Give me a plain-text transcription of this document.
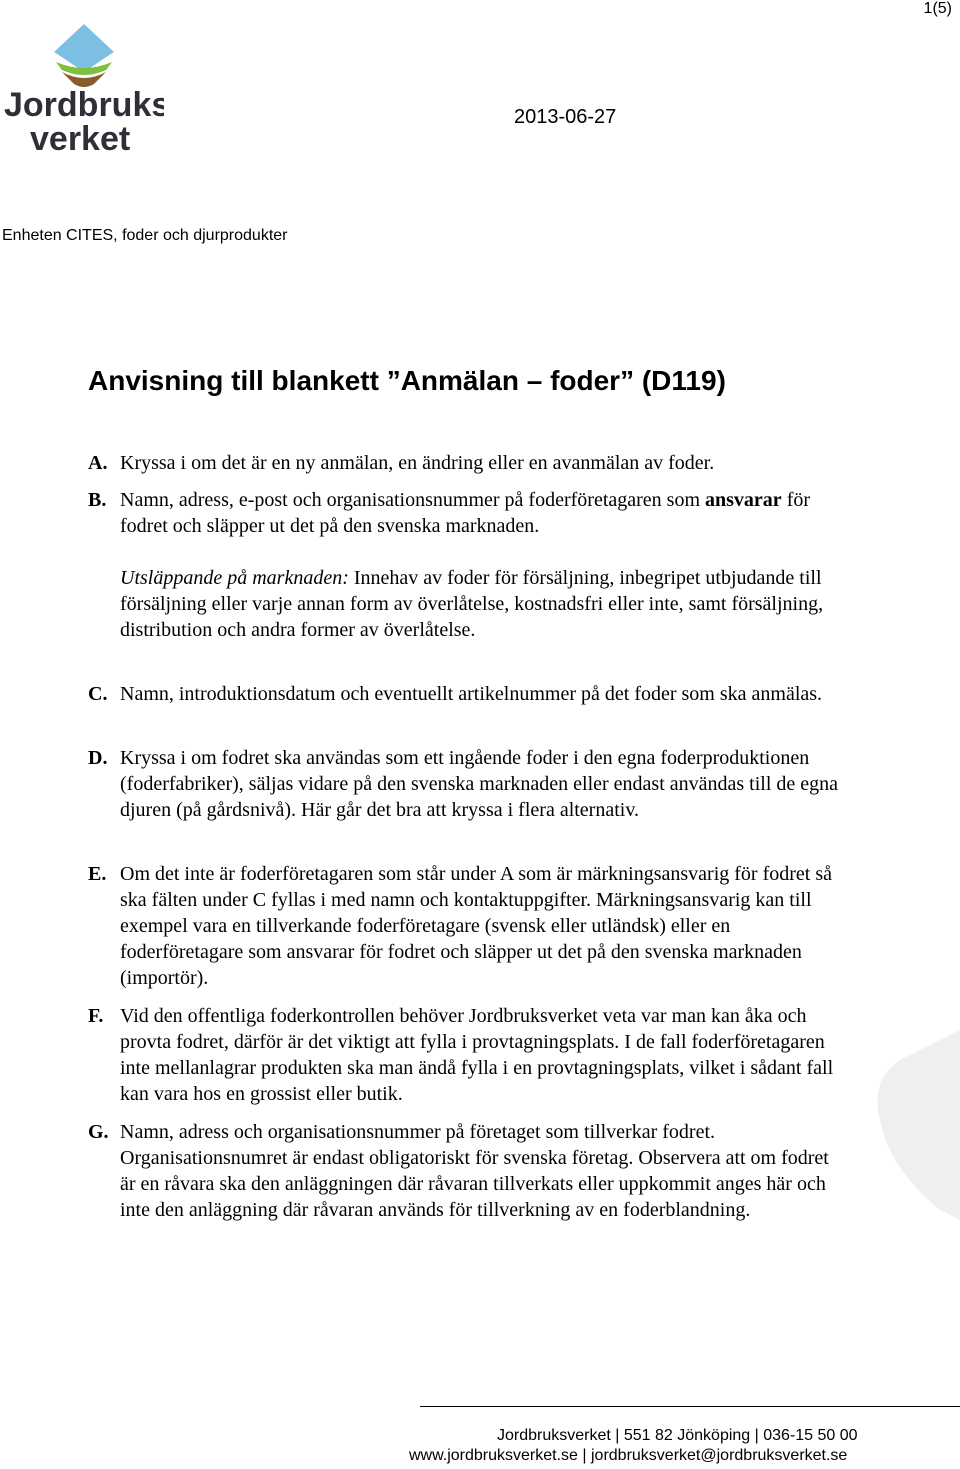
1(5)
Jordbruks
verket
2013-06-27
Enheten CITES, foder och djurprodukter
Anvisning till blankett ”Anmälan – foder” (D119)
A. Kryssa i om det är en ny anmälan, en ändring eller en avanmälan av foder.
B. Namn, adress, e-post och organisationsnummer på foderföretagaren som ansvarar för fodret och släpper ut det på den svenska marknaden.
Utsläppande på marknaden: Innehav av foder för försäljning, inbegripet utbjudande till försäljning eller varje annan form av överlåtelse, kostnadsfri eller inte, samt försäljning, distribution och andra former av överlåtelse.
C. Namn, introduktionsdatum och eventuellt artikelnummer på det foder som ska anmälas.
D. Kryssa i om fodret ska användas som ett ingående foder i den egna foderproduktionen (foderfabriker), säljas vidare på den svenska marknaden eller endast användas till de egna djuren (på gårdsnivå). Här går det bra att kryssa i flera alternativ.
E. Om det inte är foderföretagaren som står under A som är märkningsansvarig för fodret så ska fälten under C fyllas i med namn och kontaktuppgifter. Märkningsansvarig kan till exempel vara en tillverkande foderföretagare (svensk eller utländsk) eller en foderföretagare som ansvarar för fodret och släpper ut det på den svenska marknaden (importör).
F. Vid den offentliga foderkontrollen behöver Jordbruksverket veta var man kan åka och provta fodret, därför är det viktigt att fylla i provtagningsplats. I de fall foderföretagaren inte mellanlagrar produkten ska man ändå fylla i en provtagningsplats, vilket i sådant fall kan vara hos en grossist eller butik.
G. Namn, adress och organisationsnummer på företaget som tillverkar fodret. Organisationsnumret är endast obligatoriskt för svenska företag. Observera att om fodret är en råvara ska den anläggningen där råvaran tillverkats eller uppkommit anges här och inte den anläggning där råvaran används för tillverkning av en foderblandning.
Jordbruksverket | 551 82 Jönköping | 036-15 50 00
www.jordbruksverket.se | jordbruksverket@jordbruksverket.se
